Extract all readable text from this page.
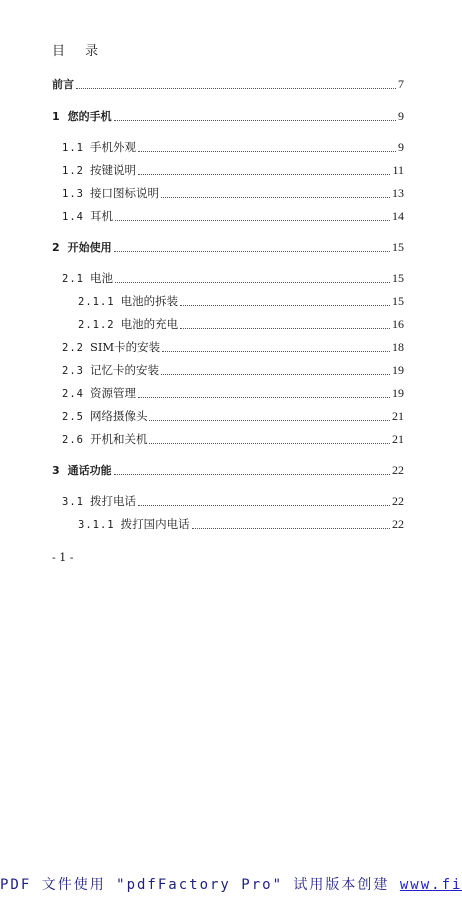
目 录
前言	7
1 您的手机	9
1.1 手机外观	9
1.2 按键说明	11
1.3 接口图标说明	13
1.4 耳机	14
2 开始使用	15
2.1 电池	15
2.1.1 电池的拆装	15
2.1.2 电池的充电	16
2.2 SIM卡的安装	18
2.3 记忆卡的安装	19
2.4 资源管理	19
2.5 网络摄像头	21
2.6 开机和关机	21
3 通话功能	22
3.1 拨打电话	22
3.1.1 拨打国内电话	22
- 1 -
PDF 文件使用 "pdfFactory Pro" 试用版本创建 www.fi
